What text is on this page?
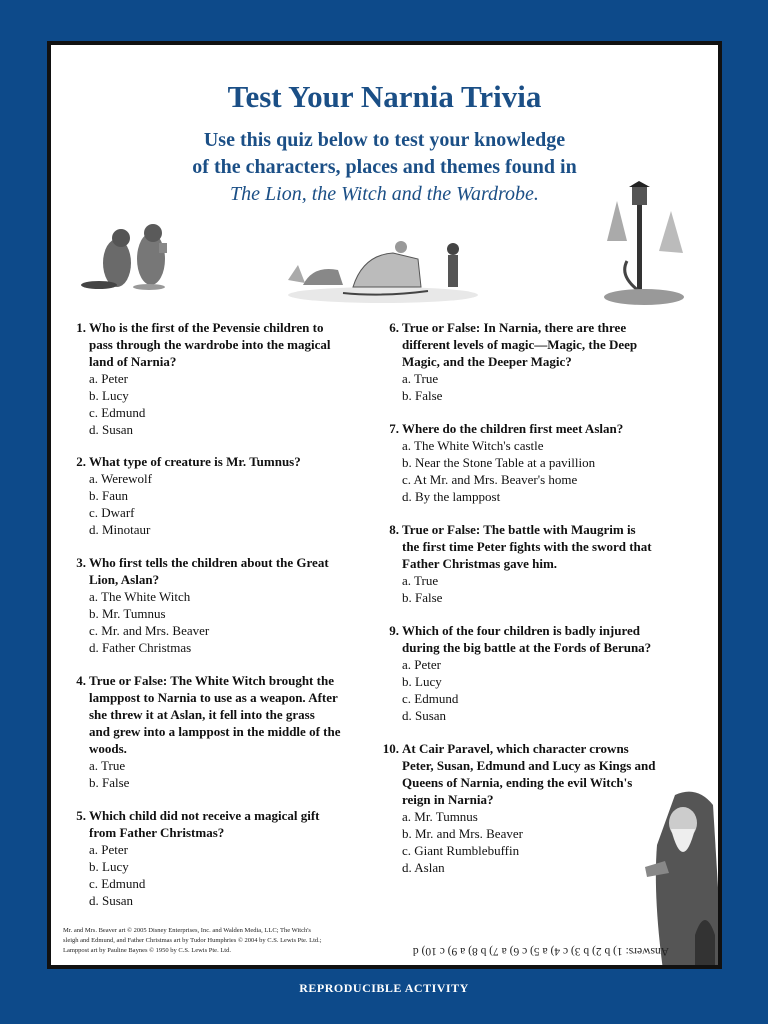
Test Your Narnia Trivia
Use this quiz below to test your knowledge
of the characters, places and themes found in
The Lion, the Witch and the Wardrobe.
1. Who is the first of the Pevensie children to
pass through the wardrobe into the magical
land of Narnia?
a. Peter
b. Lucy
c. Edmund
d. Susan
2. What type of creature is Mr. Tumnus?
a. Werewolf
b. Faun
c. Dwarf
d. Minotaur
3. Who first tells the children about the Great
Lion, Aslan?
a. The White Witch
b. Mr. Tumnus
c. Mr. and Mrs. Beaver
d. Father Christmas
4. True or False: The White Witch brought the
lamppost to Narnia to use as a weapon. After
she threw it at Aslan, it fell into the grass
and grew into a lamppost in the middle of the
woods.
a. True
b. False
5. Which child did not receive a magical gift
from Father Christmas?
a. Peter
b. Lucy
c. Edmund
d. Susan
6. True or False: In Narnia, there are three
different levels of magic—Magic, the Deep
Magic, and the Deeper Magic?
a. True
b. False
7. Where do the children first meet Aslan?
a. The White Witch's castle
b. Near the Stone Table at a pavillion
c. At Mr. and Mrs. Beaver's home
d. By the lamppost
8. True or False: The battle with Maugrim is
the first time Peter fights with the sword that
Father Christmas gave him.
a. True
b. False
9. Which of the four children is badly injured
during the big battle at the Fords of Beruna?
a. Peter
b. Lucy
c. Edmund
d. Susan
10. At Cair Paravel, which character crowns
Peter, Susan, Edmund and Lucy as Kings and
Queens of Narnia, ending the evil Witch's
reign in Narnia?
a. Mr. Tumnus
b. Mr. and Mrs. Beaver
c. Giant Rumblebuffin
d. Aslan
Mr. and Mrs. Beaver art © 2005 Disney Enterprises, Inc. and Walden Media, LLC; The Witch's
sleigh and Edmund, and Father Christmas art by Tudor Humphries © 2004 by C.S. Lewis Pte. Ltd.;
Lamppost art by Pauline Baynes © 1950 by C.S. Lewis Pte. Ltd.	Answers: 1) b 2) b 3) c 4) a 5) c 6) a 7) b 8) a 9) c 10) d
REPRODUCIBLE ACTIVITY
